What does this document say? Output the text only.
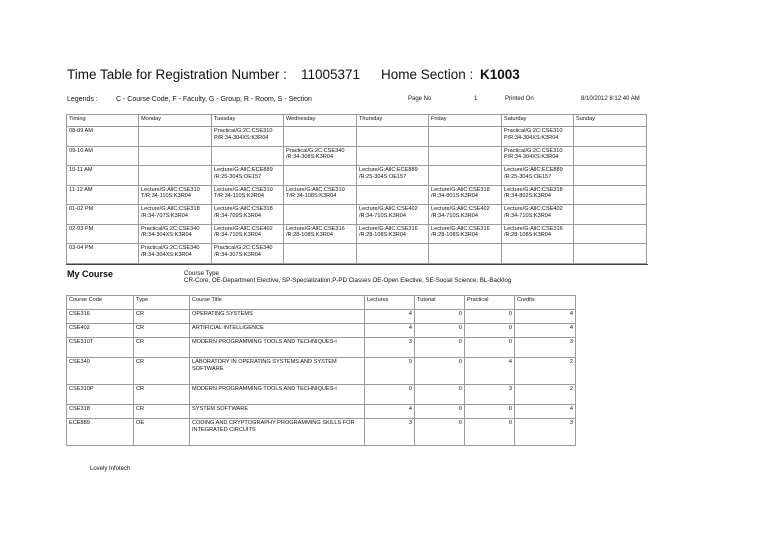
Time Table for Registration Number : 11005371 Home Section : K1003
Legends :	C - Course Code, F - Faculty, G - Group, R - Room, S - Section	Page No	1	Printed On	8/10/2012 8:12:40 AM
Timing	Monday	Tuesday	Wednesday	Thursday	Friday	Saturday	Sunday
08-09 AM		Practical/G:2C:CSE310
P/R:34-304XS:K3R04				Practical/G:2C:CSE310
P/R:34-304XS:K3R04	
09-10 AM			Practical/G:2C:CSE340
/R:34-308S:K3R04			Practical/G:2C:CSE310
P/R:34-304XS:K3R04	
10-11 AM		Lecture/G:AllC:ECE889
/R:25-304S:OE157		Lecture/G:AllC:ECE889
/R:25-304S:OE157		Lecture/G:AllC:ECE889
/R:25-304S:OE157	
11-12 AM	Lecture/G:AllC:CSE310
T/R:34-110S:K3R04	Lecture/G:AllC:CSE310
T/R:34-110S:K3R04	Lecture/G:AllC:CSE310
T/R:34-108S:K3R04		Lecture/G:AllC:CSE318
/R:34-801S:K3R04	Lecture/G:AllC:CSE318
/R:34-802S:K3R04	
01-02 PM	Lecture/G:AllC:CSE318
/R:34-707S:K3R04	Lecture/G:AllC:CSE318
/R:34-709S:K3R04		Lecture/G:AllC:CSE402
/R:34-710S:K3R04	Lecture/G:AllC:CSE402
/R:34-710S:K3R04	Lecture/G:AllC:CSE402
/R:34-710S:K3R04	
02-03 PM	Practical/G:2C:CSE340
/R:34-304XS:K3R04	Lecture/G:AllC:CSE402
/R:34-710S:K3R04	Lecture/G:AllC:CSE316
/R:28-108S:K3R04	Lecture/G:AllC:CSE316
/R:28-108S:K3R04	Lecture/G:AllC:CSE316
/R:28-108S:K3R04	Lecture/G:AllC:CSE316
/R:28-108S:K3R04	
03-04 PM	Practical/G:2C:CSE340
/R:34-304XS:K3R04	Practical/G:2C:CSE340
/R:34-307S:K3R04					
My Course	Course Type
CR-Core, OE-Department Elective, SP-Specialization,P-PD Classes OE-Open Elective, SE-Social Science, BL-Backlog
Course Code	Type	Course Title	Lectures	Tutorial	Practical	Credits
CSE316	CR	OPERATING SYSTEMS	4	0	0	4
CSE402	CR	ARTIFICIAL INTELLIGENCE	4	0	0	4
CSE310T	CR	MODERN PROGRAMMING TOOLS AND TECHNIQUES-I	3	0	0	3
CSE340	CR	LABORATORY IN OPERATING SYSTEMS AND SYSTEM SOFTWARE	0	0	4	2
CSE310P	CR	MODERN PROGRAMMING TOOLS AND TECHNIQUES-I	0	0	3	2
CSE318	CR	SYSTEM SOFTWARE	4	0	0	4
ECE889	OE	CODING AND CRYPTOGRAPHY PROGRAMMING SKILLS FOR INTEGRATED CIRCUITS	3	0	0	3
Lovely Infotech
